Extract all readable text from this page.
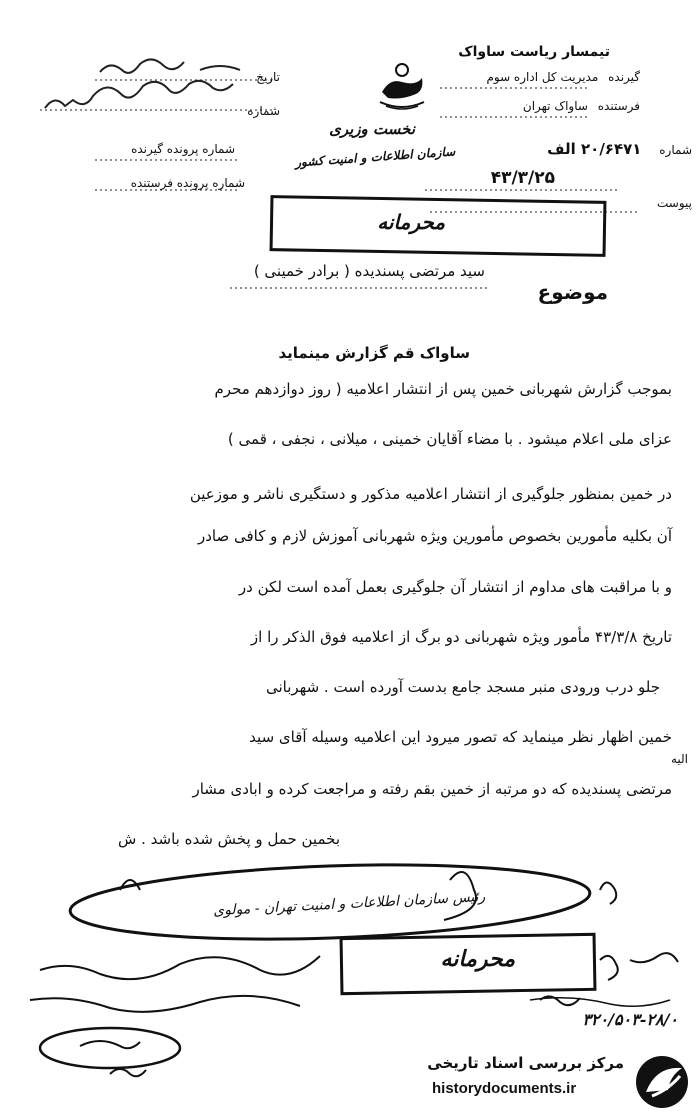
تیمسار ریاست ساواک
گیرنده مدیریت کل اداره سوم
فرستنده ساواک تهران
شماره ۲۰/۶۴۷۱ الف
۴۳/۳/۲۵
پیوست
تاریخ
شماره
شماره پرونده گیرنده
شماره پرونده فرستنده
نخست وزیری
سازمان اطلاعات و امنیت کشور
محرمانه
موضوع
سید مرتضی پسندیده ( برادر خمینی )
ساواک قم گزارش مینماید
بموجب گزارش شهربانی خمین پس از انتشار اعلامیه ( روز دوازدهم محرم
عزای ملی اعلام میشود . با مضاء آقایان خمینی ، میلانی ، نجفی ، قمی )
در خمین بمنظور جلوگیری از انتشار اعلامیه مذکور و دستگیری ناشر و موزعین
آن بکلیه مأمورین بخصوص مأمورین ویژه شهربانی آموزش لازم و کافی صادر
و با مراقبت های مداوم از انتشار آن جلوگیری بعمل آمده است لکن در
تاریخ ۴۳/۳/۸ مأمور ویژه شهربانی دو برگ از اعلامیه فوق الذکر را از
جلو درب ورودی منبر مسجد جامع بدست آورده است . شهربانی
خمین اظهار نظر مینماید که تصور میرود این اعلامیه وسیله آقای سید
الیه
مرتضی پسندیده که دو مرتبه از خمین بقم رفته و مراجعت کرده و ابادی مشار
بخمین حمل و پخش شده باشد . ش
رئیس سازمان اطلاعات و امنیت تهران - مولوی
محرمانه
۳۲۰/۵۰۳-۲۸/۰
مرکز بررسی اسناد تاریخی
historydocuments.ir
